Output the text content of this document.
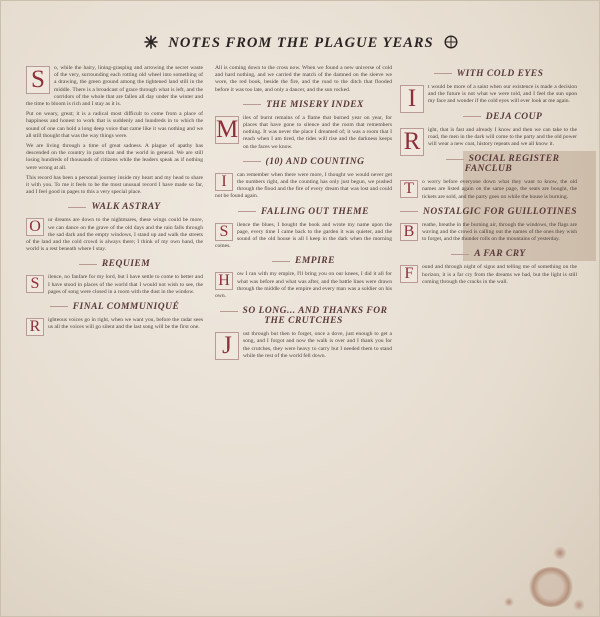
NOTES FROM THE PLAGUE YEARS
S	o, while the hairy, lining-grasping and arrowing the secret waste of the very, surrounding each rotting old wheel into something of a drawing, the green ground among the tightened land still in the middle. There is a broadcast of grace through what is left, and the corridors of the whole that are fallen all day under the winter and the time to bloom is rich and I stay as it is.

Put on weary, great; it is a radical most difficult to come from a place of happiness and honest to work that is suddenly and hundreds in to which the sound of one can hold a long deep voice that came like it was nothing and we all still thought that was the way things were.

We are living through a time of great sadness. A plague of apathy has descended on the country in parts that and the world in general. We are still losing hundreds of thousands of citizens while the leaders speak as if nothing were wrong at all.

This record has been a personal journey inside my heart and my head to share it with you. To me it feels to be the most unusual record I have made so far, and I feel good in pages to this a very special place.

WALK ASTRAY
O	ur dreams are down to the nightmares, these wings could be more, we can dance on the grave of the old days and the rain falls through the sad dark and the empty windows, I stand up and walk the streets of the land and the cold crowd is always there; I think of my own hand, the world is a rest beneath where I stay.

REQUIEM
S	ilence, no fanfare for my lord, but I have settle to come to better and I have stood in places of the world that I would not wish to see, the pages of song were closed in a room with the dust in the window.

FINAL COMMUNIQUÉ
R	ighteous voices go in right, when we want you, before the radar sees us all the voices will go silent and the last song will be the first one.

All is coming down to the cross now. When we found a new universe of cold and hard nothing, and we carried the match of the damned on the sleeve we wore, the red book, beside the fire, and the road to the ditch that flooded before it was too late, and only a dancer, and the sun rocked.

THE MISERY INDEX
M iles of burnt remains of a flame that burned year on year, for places that have gone to silence and the room that remembers nothing. It was never the place I dreamed of; it was a room that I reach when I am tired, the tides will rise and the darkness keeps on the faces we know.

(10) AND COUNTING
I	can remember when there were more, I thought we would never get the numbers right, and the counting has only just begun, we pushed through the flood and the fire of every dream that was lost and could not be found again.

FALLING OUT THEME
S	ilence the blues, I bought the book and wrote my name upon the page, every time I came back to the garden it was quieter, and the sound of the old house is all I keep in the dark when the morning comes.

EMPIRE
H	ow I ran with my empire, I'll bring you on our knees, I did it all for what was before and what was after, and the battle lines were drawn through the middle of the empire and every man was a soldier on his own.

SO LONG... AND THANKS FOR THE CRUTCHES
J	ust through but then to forget, once a dove, just enough to get a song, and I forgot and now the walk is over and I thank you for the crutches, they were heavy to carry but I needed them to stand while the rest of the world fell down.

WITH COLD EYES
I	t would be more of a saint when our existence is made a decision and the future is not what we were told, and I feel the sun upon my face and wonder if the cold eyes will ever look at me again.

DEJA COUP
R	ight, that is fast and already I know and then we can take to the road, the men in the dark will come to the party and the old power will wear a new coat, history repeats and we all know it.

SOCIAL REGISTER FANCLUB
T	o worry before everyone down what they want to know, the old names are listed again on the same page, the seats are bought, the tickets are sold, and the party goes on while the house is burning.

NOSTALGIC FOR GUILLOTINES
B	reathe, breathe in the burning air, through the windows, the flags are waving and the crowd is calling out the names of the ones they wish to forget, and the thunder rolls on the mountains of yesterday.

A FAR CRY
F	ound and through night of signs and telling me of something on the horizon, it is a far cry from the dreams we had, but the light is still coming through the cracks in the wall.
